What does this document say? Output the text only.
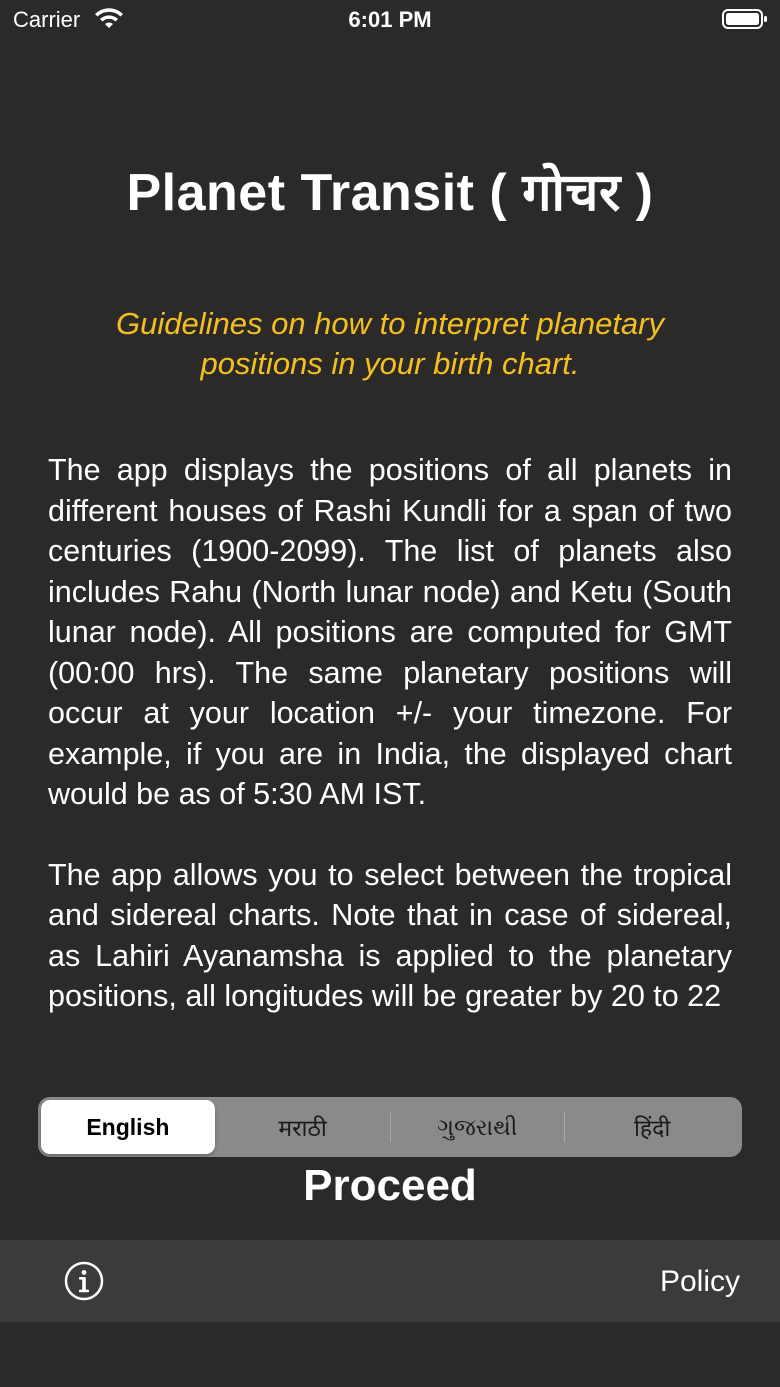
Carrier	6:01 PM
Planet Transit ( गोचर )
Guidelines on how to interpret planetary positions in your birth chart.

The app displays the positions of all planets in different houses of Rashi Kundli for a span of two centuries (1900-2099). The list of planets also includes Rahu (North lunar node) and Ketu (South lunar node). All positions are computed for GMT (00:00 hrs). The same planetary positions will occur at your location +/- your timezone. For example, if you are in India, the displayed chart would be as of 5:30 AM IST.

The app allows you to select between the tropical and sidereal charts. Note that in case of sidereal, as Lahiri Ayanamsha is applied to the planetary positions, all longitudes will be greater by 20 to 22

English	मराठी	ગુજરાથી	हिंदी
Proceed
Policy
